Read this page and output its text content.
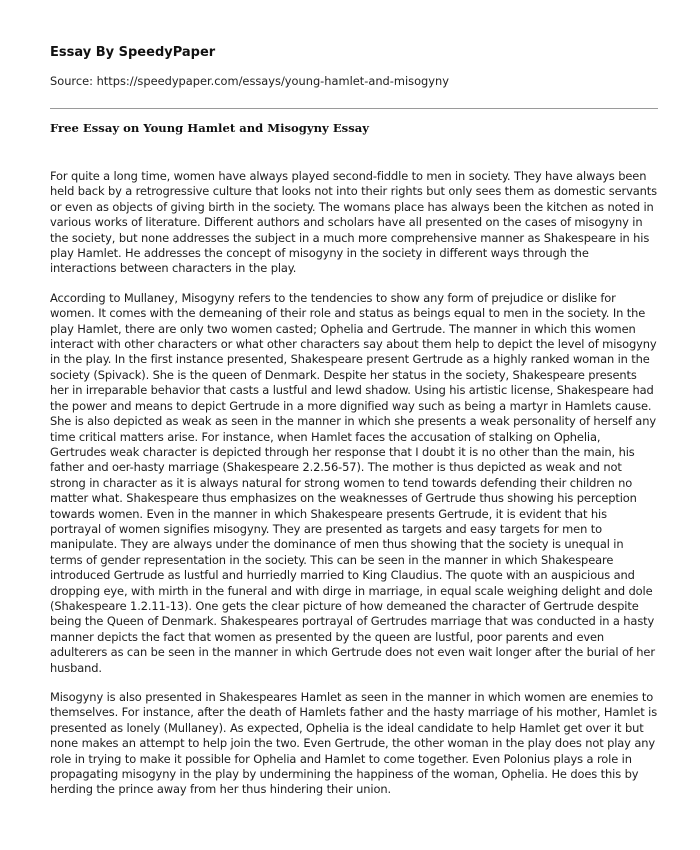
Essay By SpeedyPaper
Source: https://speedypaper.com/essays/young-hamlet-and-misogyny
Free Essay on Young Hamlet and Misogyny Essay

For quite a long time, women have always played second-fiddle to men in society. They have always been held back by a retrogressive culture that looks not into their rights but only sees them as domestic servants or even as objects of giving birth in the society. The womans place has always been the kitchen as noted in various works of literature. Different authors and scholars have all presented on the cases of misogyny in the society, but none addresses the subject in a much more comprehensive manner as Shakespeare in his play Hamlet. He addresses the concept of misogyny in the society in different ways through the interactions between characters in the play.

According to Mullaney, Misogyny refers to the tendencies to show any form of prejudice or dislike for women. It comes with the demeaning of their role and status as beings equal to men in the society. In the play Hamlet, there are only two women casted; Ophelia and Gertrude. The manner in which this women interact with other characters or what other characters say about them help to depict the level of misogyny in the play. In the first instance presented, Shakespeare present Gertrude as a highly ranked woman in the society (Spivack). She is the queen of Denmark. Despite her status in the society, Shakespeare presents her in irreparable behavior that casts a lustful and lewd shadow. Using his artistic license, Shakespeare had the power and means to depict Gertrude in a more dignified way such as being a martyr in Hamlets cause. She is also depicted as weak as seen in the manner in which she presents a weak personality of herself any time critical matters arise. For instance, when Hamlet faces the accusation of stalking on Ophelia, Gertrudes weak character is depicted through her response that I doubt it is no other than the main, his father and oer-hasty marriage (Shakespeare 2.2.56-57). The mother is thus depicted as weak and not strong in character as it is always natural for strong women to tend towards defending their children no matter what. Shakespeare thus emphasizes on the weaknesses of Gertrude thus showing his perception towards women. Even in the manner in which Shakespeare presents Gertrude, it is evident that his portrayal of women signifies misogyny. They are presented as targets and easy targets for men to manipulate. They are always under the dominance of men thus showing that the society is unequal in terms of gender representation in the society. This can be seen in the manner in which Shakespeare introduced Gertrude as lustful and hurriedly married to King Claudius. The quote with an auspicious and dropping eye, with mirth in the funeral and with dirge in marriage, in equal scale weighing delight and dole (Shakespeare 1.2.11-13). One gets the clear picture of how demeaned the character of Gertrude despite being the Queen of Denmark. Shakespeares portrayal of Gertrudes marriage that was conducted in a hasty manner depicts the fact that women as presented by the queen are lustful, poor parents and even adulterers as can be seen in the manner in which Gertrude does not even wait longer after the burial of her husband.

Misogyny is also presented in Shakespeares Hamlet as seen in the manner in which women are enemies to themselves. For instance, after the death of Hamlets father and the hasty marriage of his mother, Hamlet is presented as lonely (Mullaney). As expected, Ophelia is the ideal candidate to help Hamlet get over it but none makes an attempt to help join the two. Even Gertrude, the other woman in the play does not play any role in trying to make it possible for Ophelia and Hamlet to come together. Even Polonius plays a role in propagating misogyny in the play by undermining the happiness of the woman, Ophelia. He does this by herding the prince away from her thus hindering their union.
